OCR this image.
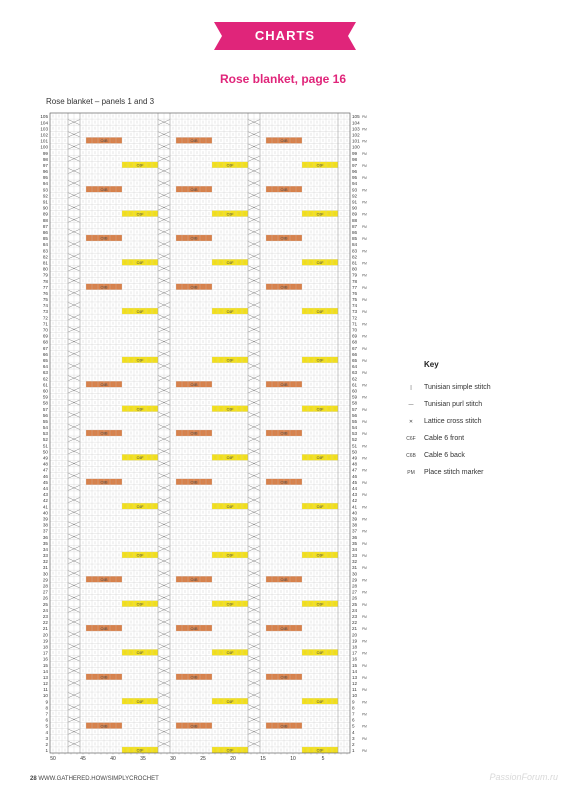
CHARTS
Rose blanket, page 16
Rose blanket – panels 1 and 3
C6F
C6F
C6F
C6B
C6B
C6B
C6F
C6F
C6F
C6B
C6B
C6B
C6F
C6F
C6F
C6B
C6B
C6B
C6F
C6F
C6F
C6B
C6B
C6B
C6F
C6F
C6F
C6F
C6F
C6F
C6B
C6B
C6B
C6F
C6F
C6F
C6B
C6B
C6B
C6F
C6F
C6F
C6B
C6B
C6B
C6F
C6F
C6F
C6F
C6F
C6F
C6B
C6B
C6B
C6F
C6F
C6F
C6B
C6B
C6B
C6F
C6F
C6F
C6B
C6B
C6B
C6F
C6F
C6F
C6B
C6B
C6B
1	1 PM
2	2
3	3 PM
4	4
5	5 PM
6	6
7	7 PM
8	8
9	9 PM
10	10
11	11 PM
12	12
13	13 PM
14	14
15	15 PM
16	16
17	17 PM
18	18
19	19 PM
20	20
21	21 PM
22	22
23	23 PM
24	24
25	25 PM
26	26
27	27 PM
28	28
29	29 PM
30	30
31	31 PM
32	32
33	33 PM
34	34
35	35 PM
36	36
37	37 PM
38	38
39	39 PM
40	40
41	41 PM
42	42
43	43 PM
44	44
45	45 PM
46	46
47	47 PM
48	48
49	49 PM
50	50
51	51 PM
52	52
53	53 PM
54	54
55	55 PM
56	56
57	57 PM
58	58
59	59 PM
60	60
61	61 PM
62	62
63	63 PM
64	64
65	65 PM
66	66
67	67 PM
68	68
69	69 PM
70	70
71	71 PM
72	72
73	73 PM
74	74
75	75 PM
76	76
77	77 PM
78	78
79	79 PM
80	80
81	81 PM
82	82
83	83 PM
84	84
85	85 PM
86	86
87	87 PM
88	88
89	89 PM
90	90
91	91 PM
92	92
93	93 PM
94	94
95	95 PM
96	96
97	97 PM
98	98
99	99 PM
100	100
101	101 PM
102	102
103	103 PM
104	104
105	105 PM
50	45	40	35	30	25	20	15	10	5
Key
|	Tunisian simple stitch
—	Tunisian purl stitch
✕	Lattice cross stitch
C6F	Cable 6 front
C6B	Cable 6 back
PM	Place stitch marker
28 WWW.GATHERED.HOW/SIMPLYCROCHET	PassionForum.ru
